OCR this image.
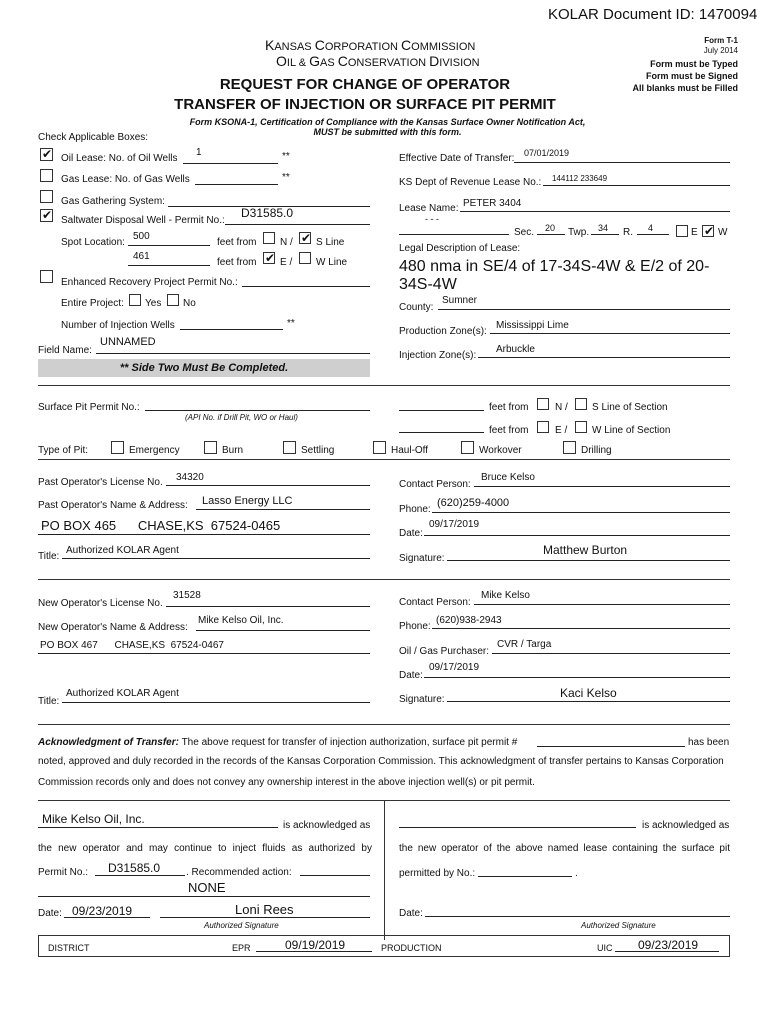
KOLAR Document ID: 1470094
KANSAS CORPORATION COMMISSION
OIL & GAS CONSERVATION DIVISION
Form T-1
July 2014
Form must be Typed
Form must be Signed
All blanks must be Filled
REQUEST FOR CHANGE OF OPERATOR
TRANSFER OF INJECTION OR SURFACE PIT PERMIT
Form KSONA-1, Certification of Compliance with the Kansas Surface Owner Notification Act,
MUST be submitted with this form.
Check Applicable Boxes:
✔ Oil Lease: No. of Oil Wells
1	**
Gas Lease: No. of Gas Wells	**
Gas Gathering System:
✔ Saltwater Disposal Well - Permit No.:
D31585.0
Spot Location:
500
feet from N / ✔ S Line
461
feet from ✔ E / W Line
Enhanced Recovery Project Permit No.:
Entire Project: Yes No
Number of Injection Wells	**
Field Name:
UNNAMED
** Side Two Must Be Completed.
Effective Date of Transfer: 07/01/2019
KS Dept of Revenue Lease No.: 144112 233649
Lease Name: PETER 3404
- - -
Sec. 20 Twp. 34 R. 4	E ✔ W
Legal Description of Lease:
480 nma in SE/4 of 17-34S-4W & E/2 of 20-34S-4W
County:
Sumner
Production Zone(s):
Mississippi Lime
Injection Zone(s):
Arbuckle
Surface Pit Permit No.:
(API No. if Drill Pit, WO or Haul)
feet from	N / S Line of Section
feet from	E / W Line of Section
Type of Pit:	Emergency	Burn	Settling	Haul-Off	Workover	Drilling
Past Operator's License No. 34320
Past Operator's Name & Address: Lasso Energy LLC
PO BOX 465      CHASE,KS  67524-0465
Title:
Authorized KOLAR Agent
Contact Person:
Bruce Kelso
Phone:
(620)259-4000
Date:
09/17/2019
Signature:
Matthew Burton
New Operator's License No.
31528
New Operator's Name & Address:
Mike Kelso Oil, Inc.
PO BOX 467      CHASE,KS  67524-0467
Title:
Authorized KOLAR Agent
Contact Person:
Mike Kelso
Phone:
(620)938-2943
Oil / Gas Purchaser:
CVR / Targa
Date:
09/17/2019
Signature:	Kaci Kelso
Acknowledgment of Transfer: The above request for transfer of injection authorization, surface pit permit #	has been
noted, approved and duly recorded in the records of the Kansas Corporation Commission. This acknowledgment of transfer pertains to Kansas Corporation
Commission records only and does not convey any ownership interest in the above injection well(s) or pit permit.
Mike Kelso Oil, Inc.	is acknowledged as
the new operator and may continue to inject fluids as authorized by
Permit No.: D31585.0	. Recommended action:
NONE
Date: 09/23/2019	Loni Rees
Authorized Signature
is acknowledged as
the new operator of the above named lease containing the surface pit
permitted by No.:	.
Date:
Authorized Signature
DISTRICT	EPR	09/19/2019	PRODUCTION	UIC 09/23/2019
